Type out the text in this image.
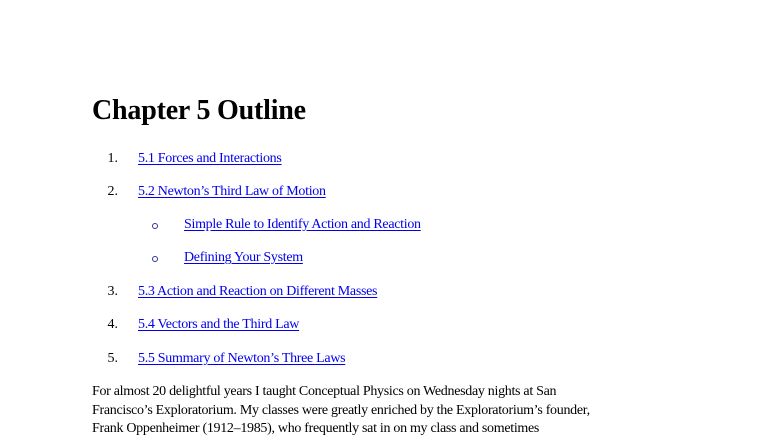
Chapter 5 Outline
1. 5.1 Forces and Interactions
2. 5.2 Newton’s Third Law of Motion
Simple Rule to Identify Action and Reaction
Defining Your System
3. 5.3 Action and Reaction on Different Masses
4. 5.4 Vectors and the Third Law
5. 5.5 Summary of Newton’s Three Laws

For almost 20 delightful years I taught Conceptual Physics on Wednesday nights at San
Francisco’s Exploratorium. My classes were greatly enriched by the Exploratorium’s founder,
Frank Oppenheimer (1912–1985), who frequently sat in on my class and sometimes
